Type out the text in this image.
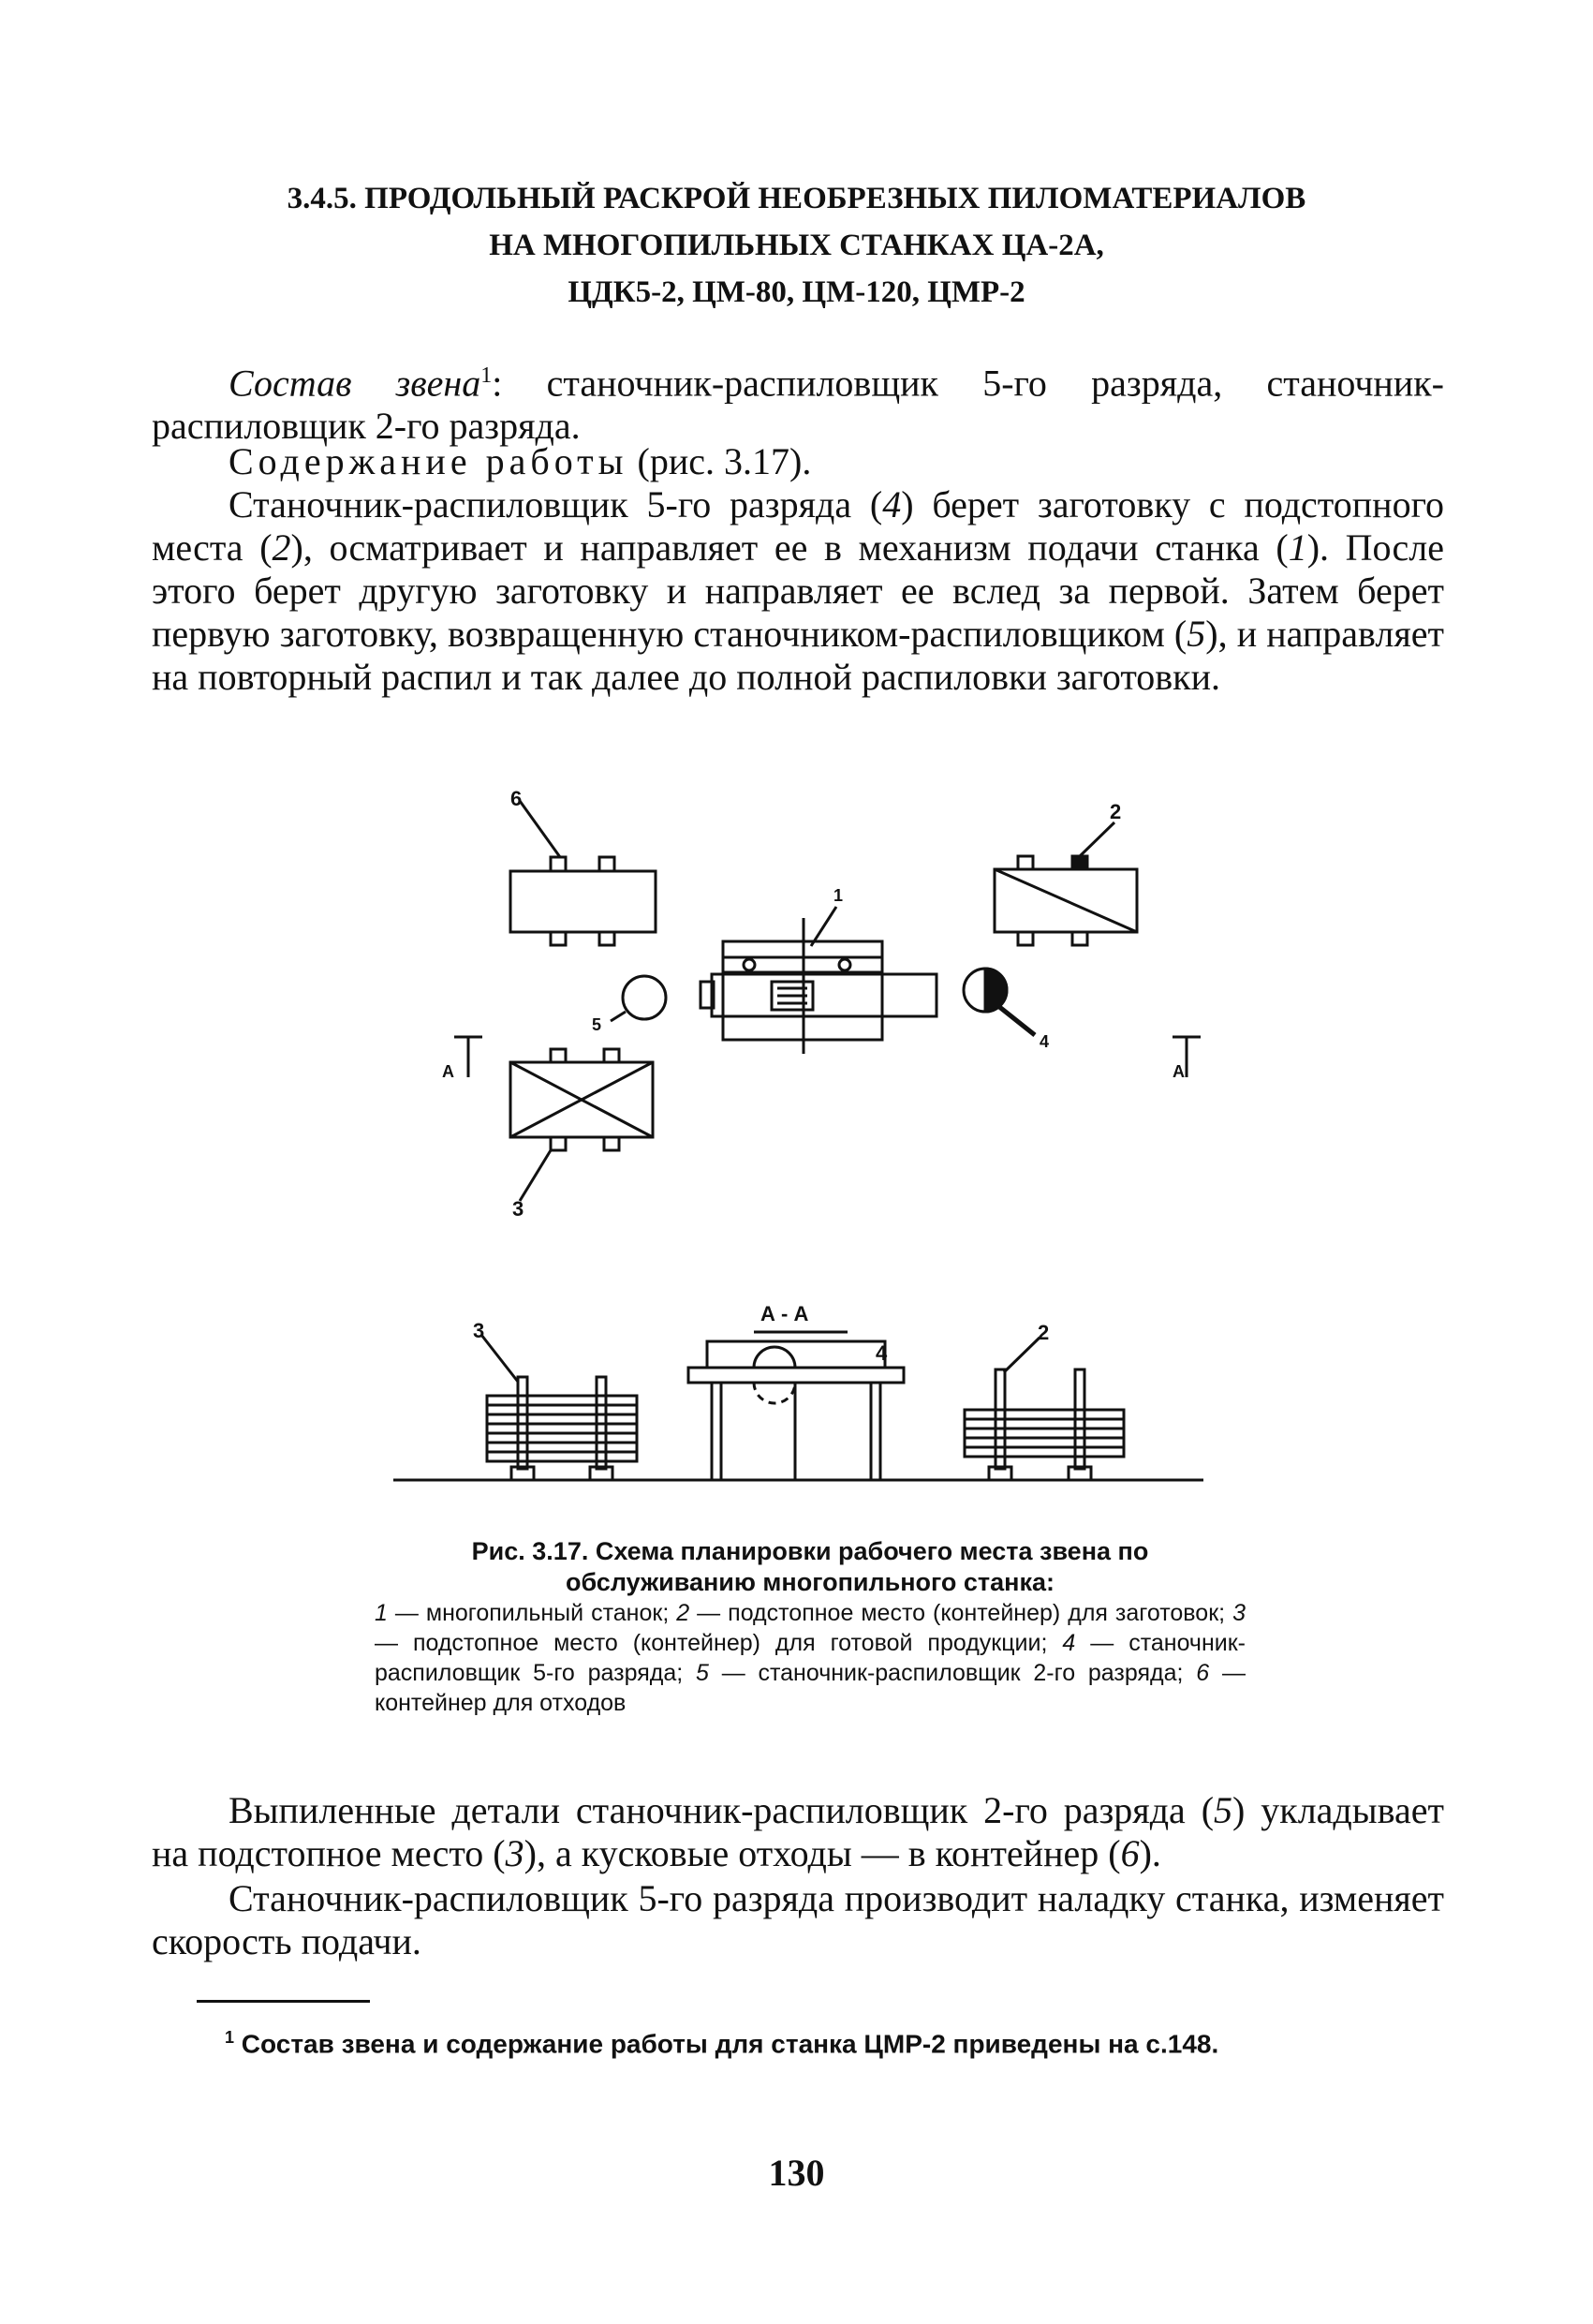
3.4.5. ПРОДОЛЬНЫЙ РАСКРОЙ НЕОБРЕЗНЫХ ПИЛОМАТЕРИАЛОВ
НА МНОГОПИЛЬНЫХ СТАНКАХ ЦА-2А,
ЦДК5-2, ЦМ-80, ЦМ-120, ЦМР-2

Состав звена$^1$: станочник-распиловщик 5-го разряда, станочник-распиловщик 2-го разряда.

Содержание работы (рис. 3.17).

Станочник-распиловщик 5-го разряда (4) берет заготовку с подстопного места (2), осматривает и направляет ее в механизм подачи станка (1). После этого берет другую заготовку и направляет ее вслед за первой. Затем берет первую заготовку, возвращенную станочником-распиловщиком (5), и направляет на повторный распил и так далее до полной распиловки заготовки.

6
2
1
5
4
3
A	A
А - А
3	2
4
Рис. 3.17. Схема планировки рабочего места звена по обслуживанию многопильного станка:
1 — многопильный станок; 2 — подстопное место (контейнер) для заготовок; 3 — подстопное место (контейнер) для готовой продукции; 4 — станочник-распиловщик 5-го разряда; 5 — станочник-распиловщик 2-го разряда; 6 — контейнер для отходов

Выпиленные детали станочник-распиловщик 2-го разряда (5) укладывает на подстопное место (3), а кусковые отходы — в контейнер (6).

Станочник-распиловщик 5-го разряда производит наладку станка, изменяет скорость подачи.

$^1$ Состав звена и содержание работы для станка ЦМР-2 приведены на с.148.
130
